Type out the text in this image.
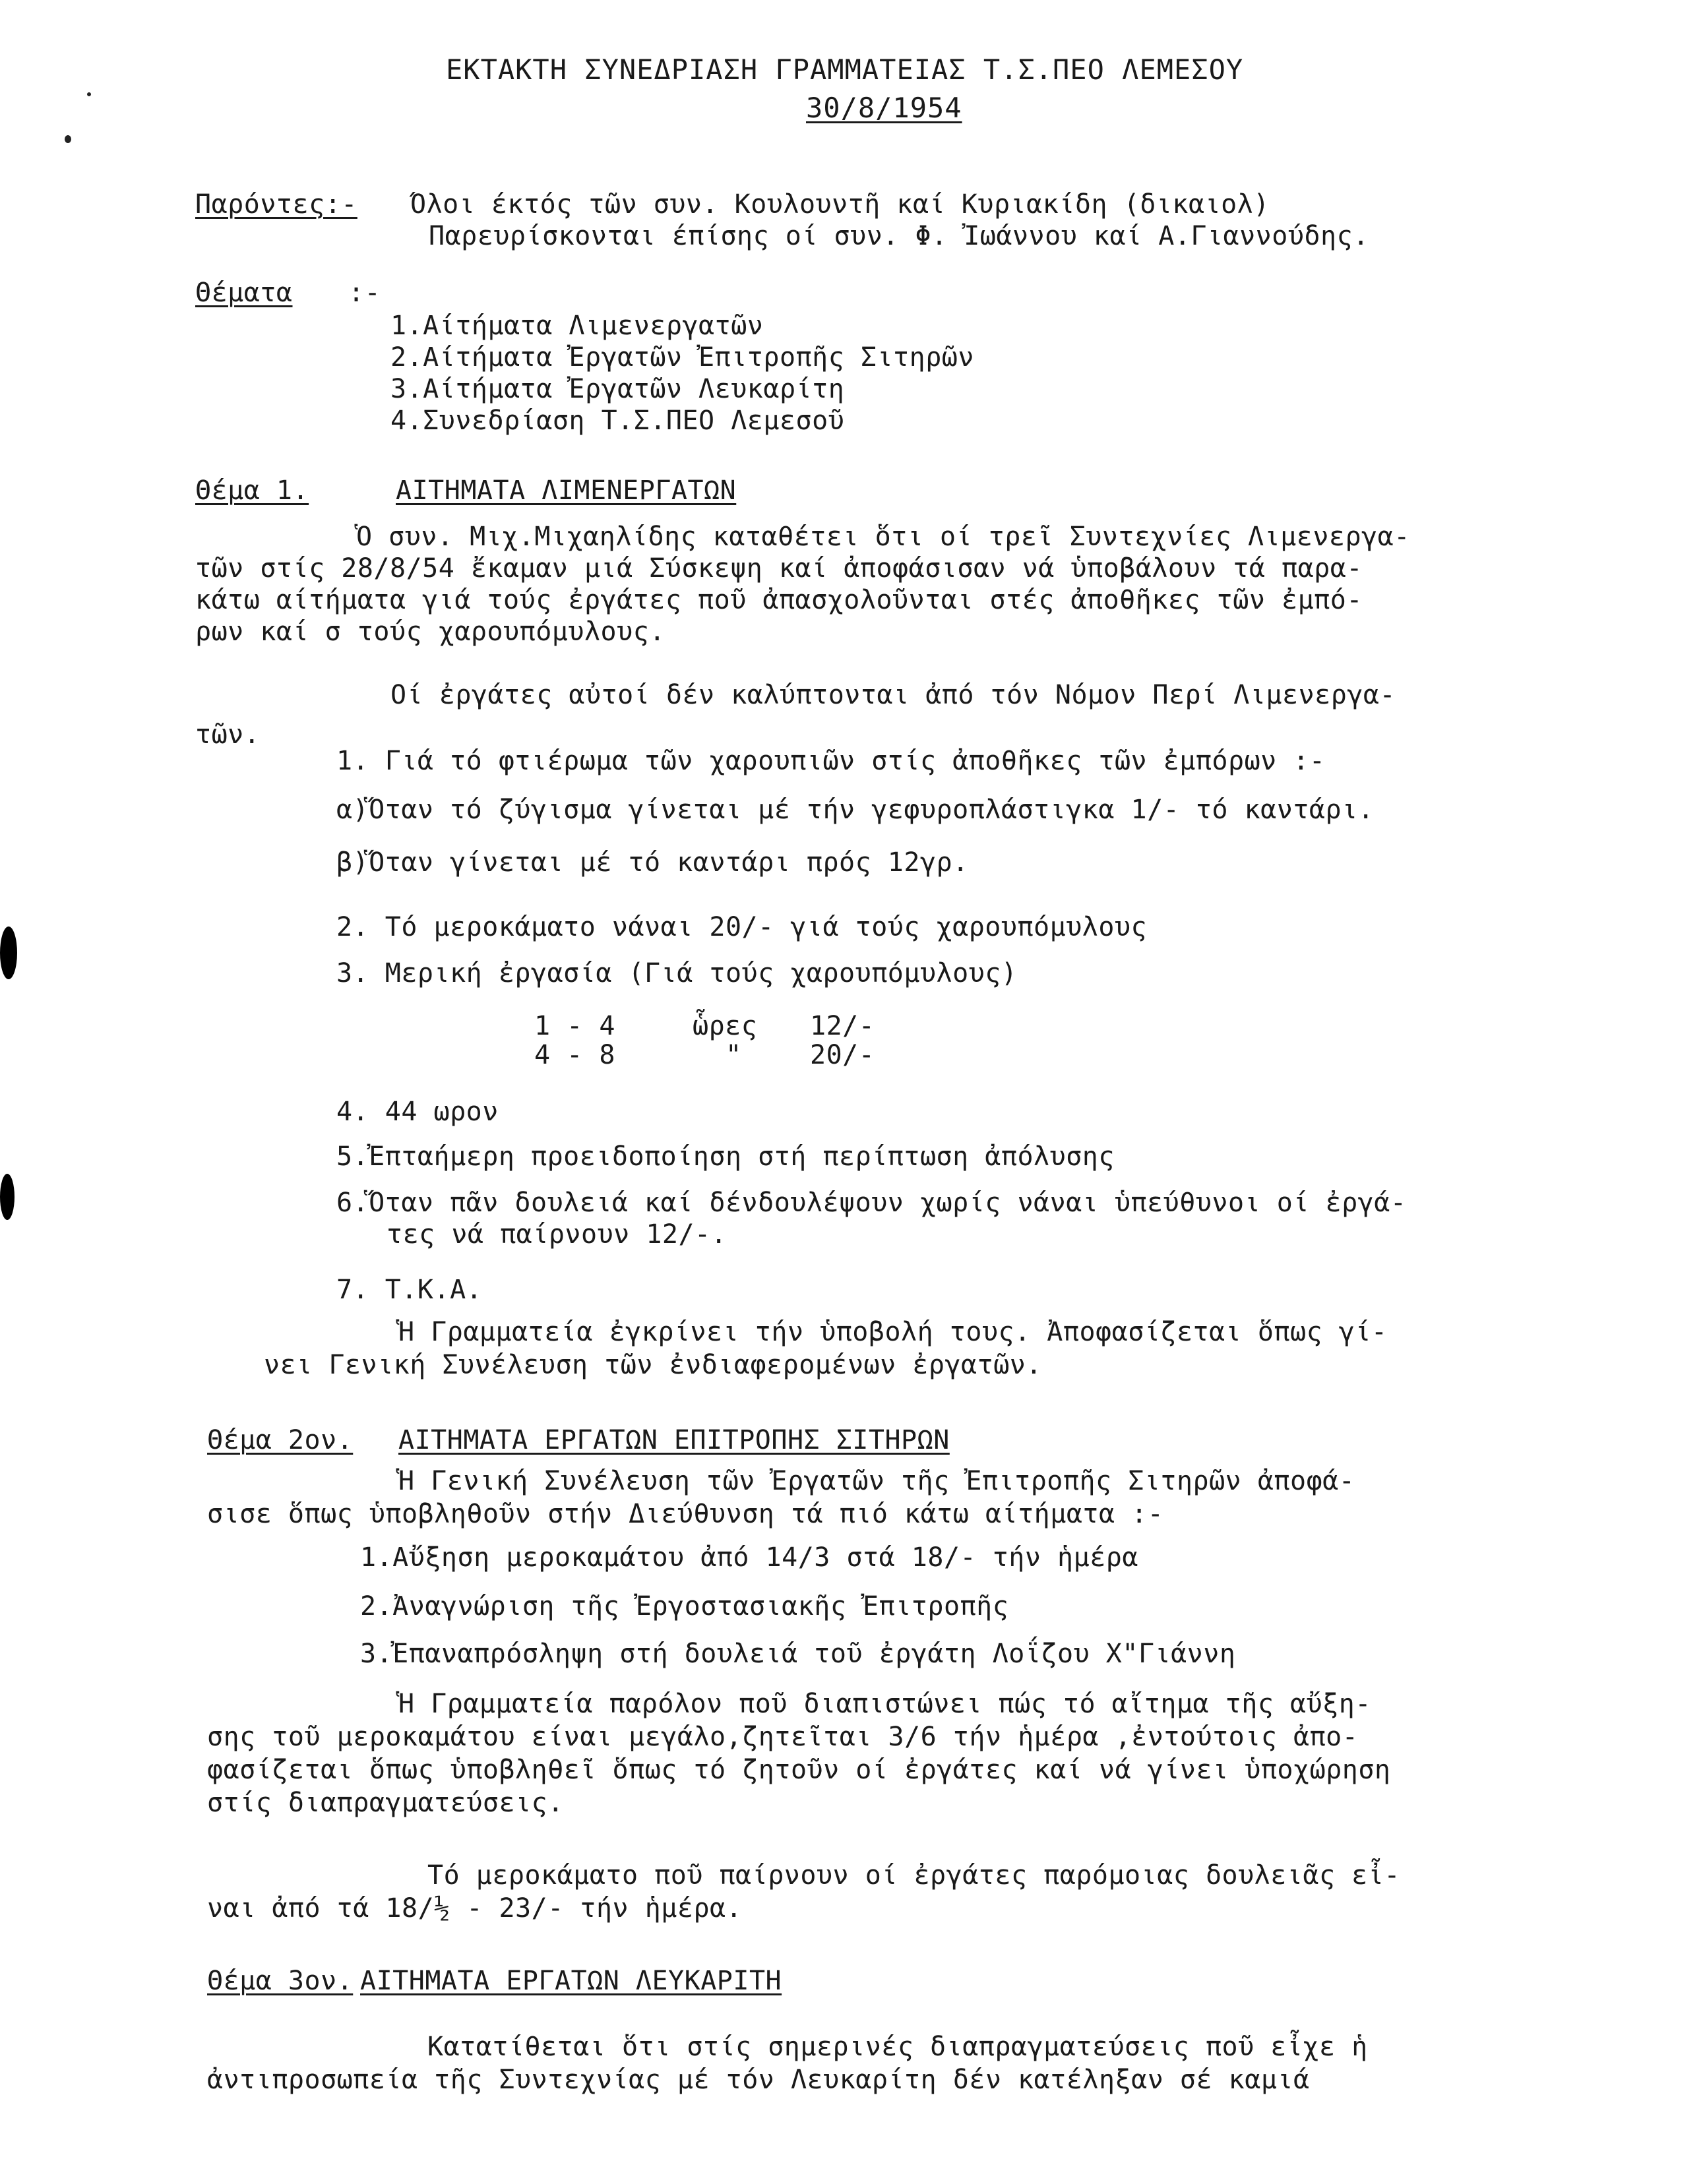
ΕΚΤΑΚΤΗ ΣΥΝΕΔΡΙΑΣΗ ΓΡΑΜΜΑΤΕΙΑΣ Τ.Σ.ΠΕΟ ΛΕΜΕΣΟΥ
30/8/1954
Παρόντες:- Όλοι έκτός τῶν συν. Κουλουντῆ καί Κυριακίδη (δικαιολ)
Παρευρίσκονται έπίσης οί συν. Φ. Ἰωάννου καί Α.Γιαννούδης.
Θέματα :-
1.Αίτήματα Λιμενεργατῶν
2.Αίτήματα Ἐργατῶν Ἐπιτροπῆς Σιτηρῶν
3.Αίτήματα Ἐργατῶν Λευκαρίτη
4.Συνεδρίαση Τ.Σ.ΠΕΟ Λεμεσοῦ
Θέμα 1.	ΑΙΤΗΜΑΤΑ ΛΙΜΕΝΕΡΓΑΤΩΝ
Ὁ συν. Μιχ.Μιχαηλίδης καταθέτει ὅτι οί τρεῖ Συντεχνίες Λιμενεργα-
τῶν στίς 28/8/54 ἔκαμαν μιά Σύσκεψη καί ἀποφάσισαν νά ὑποβάλουν τά παρα-
κάτω αίτήματα γιά τούς ἐργάτες ποῦ ἀπασχολοῦνται στές ἀποθῆκες τῶν ἐμπό-
ρων καί σ τούς χαρουπόμυλους.
Οί ἐργάτες αὐτοί δέν καλύπτονται ἀπό τόν Νόμον Περί Λιμενεργα-
τῶν.
1. Γιά τό φτιέρωμα τῶν χαρουπιῶν στίς ἀποθῆκες τῶν ἐμπόρων :-
α)Ὅταν τό ζύγισμα γίνεται μέ τήν γεφυροπλάστιγκα 1/- τό καντάρι.
β)Ὅταν γίνεται μέ τό καντάρι πρός 12γρ.
2. Τό μεροκάματο νάναι 20/- γιά τούς χαρουπόμυλους
3. Μερική ἐργασία (Γιά τούς χαρουπόμυλους)
1 - 4	ὧρες 12/-
4 - 8	"	20/-
4. 44 ωρον
5.Ἐπταήμερη προειδοποίηση στή περίπτωση ἀπόλυσης
6.Ὅταν πᾶν δουλειά καί δένδουλέψουν χωρίς νάναι ὑπεύθυνοι οί ἐργά-
τες νά παίρνουν 12/-.
7. Τ.Κ.Α.
Ἡ Γραμματεία ἐγκρίνει τήν ὑποβολή τους. Ἀποφασίζεται ὅπως γί-
νει Γενική Συνέλευση τῶν ἐνδιαφερομένων ἐργατῶν.
Θέμα 2ον. ΑΙΤΗΜΑΤΑ ΕΡΓΑΤΩΝ ΕΠΙΤΡΟΠΗΣ ΣΙΤΗΡΩΝ
Ἡ Γενική Συνέλευση τῶν Ἐργατῶν τῆς Ἐπιτροπῆς Σιτηρῶν ἀποφά-
σισε ὅπως ὑποβληθοῦν στήν Διεύθυνση τά πιό κάτω αίτήματα :-
1.Αὔξηση μεροκαμάτου ἀπό 14/3 στά 18/- τήν ἡμέρα
2.Ἀναγνώριση τῆς Ἐργοστασιακῆς Ἐπιτροπῆς
3.Ἐπαναπρόσληψη στή δουλειά τοῦ ἐργάτη Λοΐζου Χ"Γιάννη
Ἡ Γραμματεία παρόλον ποῦ διαπιστώνει πώς τό αἴτημα τῆς αὔξη-
σης τοῦ μεροκαμάτου είναι μεγάλο,ζητεῖται 3/6 τήν ἡμέρα ,ἐντούτοις ἀπο-
φασίζεται ὅπως ὑποβληθεῖ ὅπως τό ζητοῦν οί ἐργάτες καί νά γίνει ὑποχώρηση
στίς διαπραγματεύσεις.
Τό μεροκάματο ποῦ παίρνουν οί ἐργάτες παρόμοιας δουλειᾶς εἶ-
ναι ἀπό τά 18/½ - 23/- τήν ἡμέρα.
Θέμα 3ον. ΑΙΤΗΜΑΤΑ ΕΡΓΑΤΩΝ ΛΕΥΚΑΡΙΤΗ
Κατατίθεται ὅτι στίς σημερινές διαπραγματεύσεις ποῦ εἶχε ἡ
ἀντιπροσωπεία τῆς Συντεχνίας μέ τόν Λευκαρίτη δέν κατέληξαν σέ καμιά
